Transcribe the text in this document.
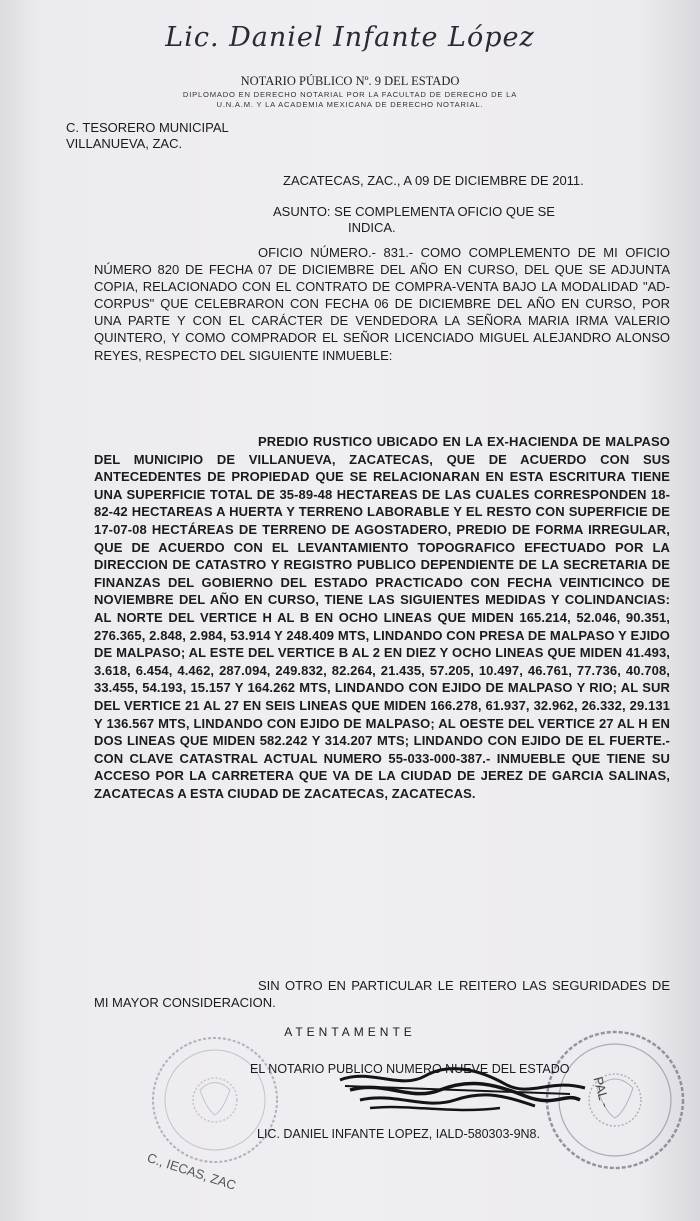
Lic. Daniel Infante López
NOTARIO PÚBLICO Nº. 9 DEL ESTADO
DIPLOMADO EN DERECHO NOTARIAL POR LA FACULTAD DE DERECHO DE LA
U.N.A.M. Y LA ACADEMIA MEXICANA DE DERECHO NOTARIAL.
C. TESORERO MUNICIPAL
VILLANUEVA, ZAC.
ZACATECAS, ZAC., A 09 DE DICIEMBRE DE 2011.
ASUNTO: SE COMPLEMENTA OFICIO QUE SE
INDICA.
OFICIO NÚMERO.- 831.- COMO COMPLEMENTO DE MI OFICIO NÚMERO 820 DE FECHA 07 DE DICIEMBRE DEL AÑO EN CURSO, DEL QUE SE ADJUNTA COPIA, RELACIONADO CON EL CONTRATO DE COMPRA-VENTA BAJO LA MODALIDAD "AD-CORPUS" QUE CELEBRARON CON FECHA 06 DE DICIEMBRE DEL AÑO EN CURSO, POR UNA PARTE Y CON EL CARÁCTER DE VENDEDORA LA SEÑORA MARIA IRMA VALERIO QUINTERO, Y COMO COMPRADOR EL SEÑOR LICENCIADO MIGUEL ALEJANDRO ALONSO REYES, RESPECTO DEL SIGUIENTE INMUEBLE:
PREDIO RUSTICO UBICADO EN LA EX-HACIENDA DE MALPASO DEL MUNICIPIO DE VILLANUEVA, ZACATECAS, QUE DE ACUERDO CON SUS ANTECEDENTES DE PROPIEDAD QUE SE RELACIONARAN EN ESTA ESCRITURA TIENE UNA SUPERFICIE TOTAL DE 35-89-48 HECTAREAS DE LAS CUALES CORRESPONDEN 18-82-42 HECTAREAS A HUERTA Y TERRENO LABORABLE Y EL RESTO CON SUPERFICIE DE 17-07-08 HECTÁREAS DE TERRENO DE AGOSTADERO, PREDIO DE FORMA IRREGULAR, QUE DE ACUERDO CON EL LEVANTAMIENTO TOPOGRAFICO EFECTUADO POR LA DIRECCION DE CATASTRO Y REGISTRO PUBLICO DEPENDIENTE DE LA SECRETARIA DE FINANZAS DEL GOBIERNO DEL ESTADO PRACTICADO CON FECHA VEINTICINCO DE NOVIEMBRE DEL AÑO EN CURSO, TIENE LAS SIGUIENTES MEDIDAS Y COLINDANCIAS: AL NORTE DEL VERTICE H AL B EN OCHO LINEAS QUE MIDEN 165.214, 52.046, 90.351, 276.365, 2.848, 2.984, 53.914 Y 248.409 MTS, LINDANDO CON PRESA DE MALPASO Y EJIDO DE MALPASO; AL ESTE DEL VERTICE B AL 2 EN DIEZ Y OCHO LINEAS QUE MIDEN 41.493, 3.618, 6.454, 4.462, 287.094, 249.832, 82.264, 21.435, 57.205, 10.497, 46.761, 77.736, 40.708, 33.455, 54.193, 15.157 Y 164.262 MTS, LINDANDO CON EJIDO DE MALPASO Y RIO; AL SUR DEL VERTICE 21 AL 27 EN SEIS LINEAS QUE MIDEN 166.278, 61.937, 32.962, 26.332, 29.131 Y 136.567 MTS, LINDANDO CON EJIDO DE MALPASO; AL OESTE DEL VERTICE 27 AL H EN DOS LINEAS QUE MIDEN 582.242 Y 314.207 MTS; LINDANDO CON EJIDO DE EL FUERTE.- CON CLAVE CATASTRAL ACTUAL NUMERO 55-033-000-387.- INMUEBLE QUE TIENE SU ACCESO POR LA CARRETERA QUE VA DE LA CIUDAD DE JEREZ DE GARCIA SALINAS, ZACATECAS A ESTA CIUDAD DE ZACATECAS, ZACATECAS.
SIN OTRO EN PARTICULAR LE REITERO LAS SEGURIDADES DE MI MAYOR CONSIDERACION.
C., IECAS, ZAC
PAL -
ATENTAMENTE
EL NOTARIO PUBLICO NUMERO NUEVE DEL ESTADO
LIC. DANIEL INFANTE LOPEZ, IALD-580303-9N8.
